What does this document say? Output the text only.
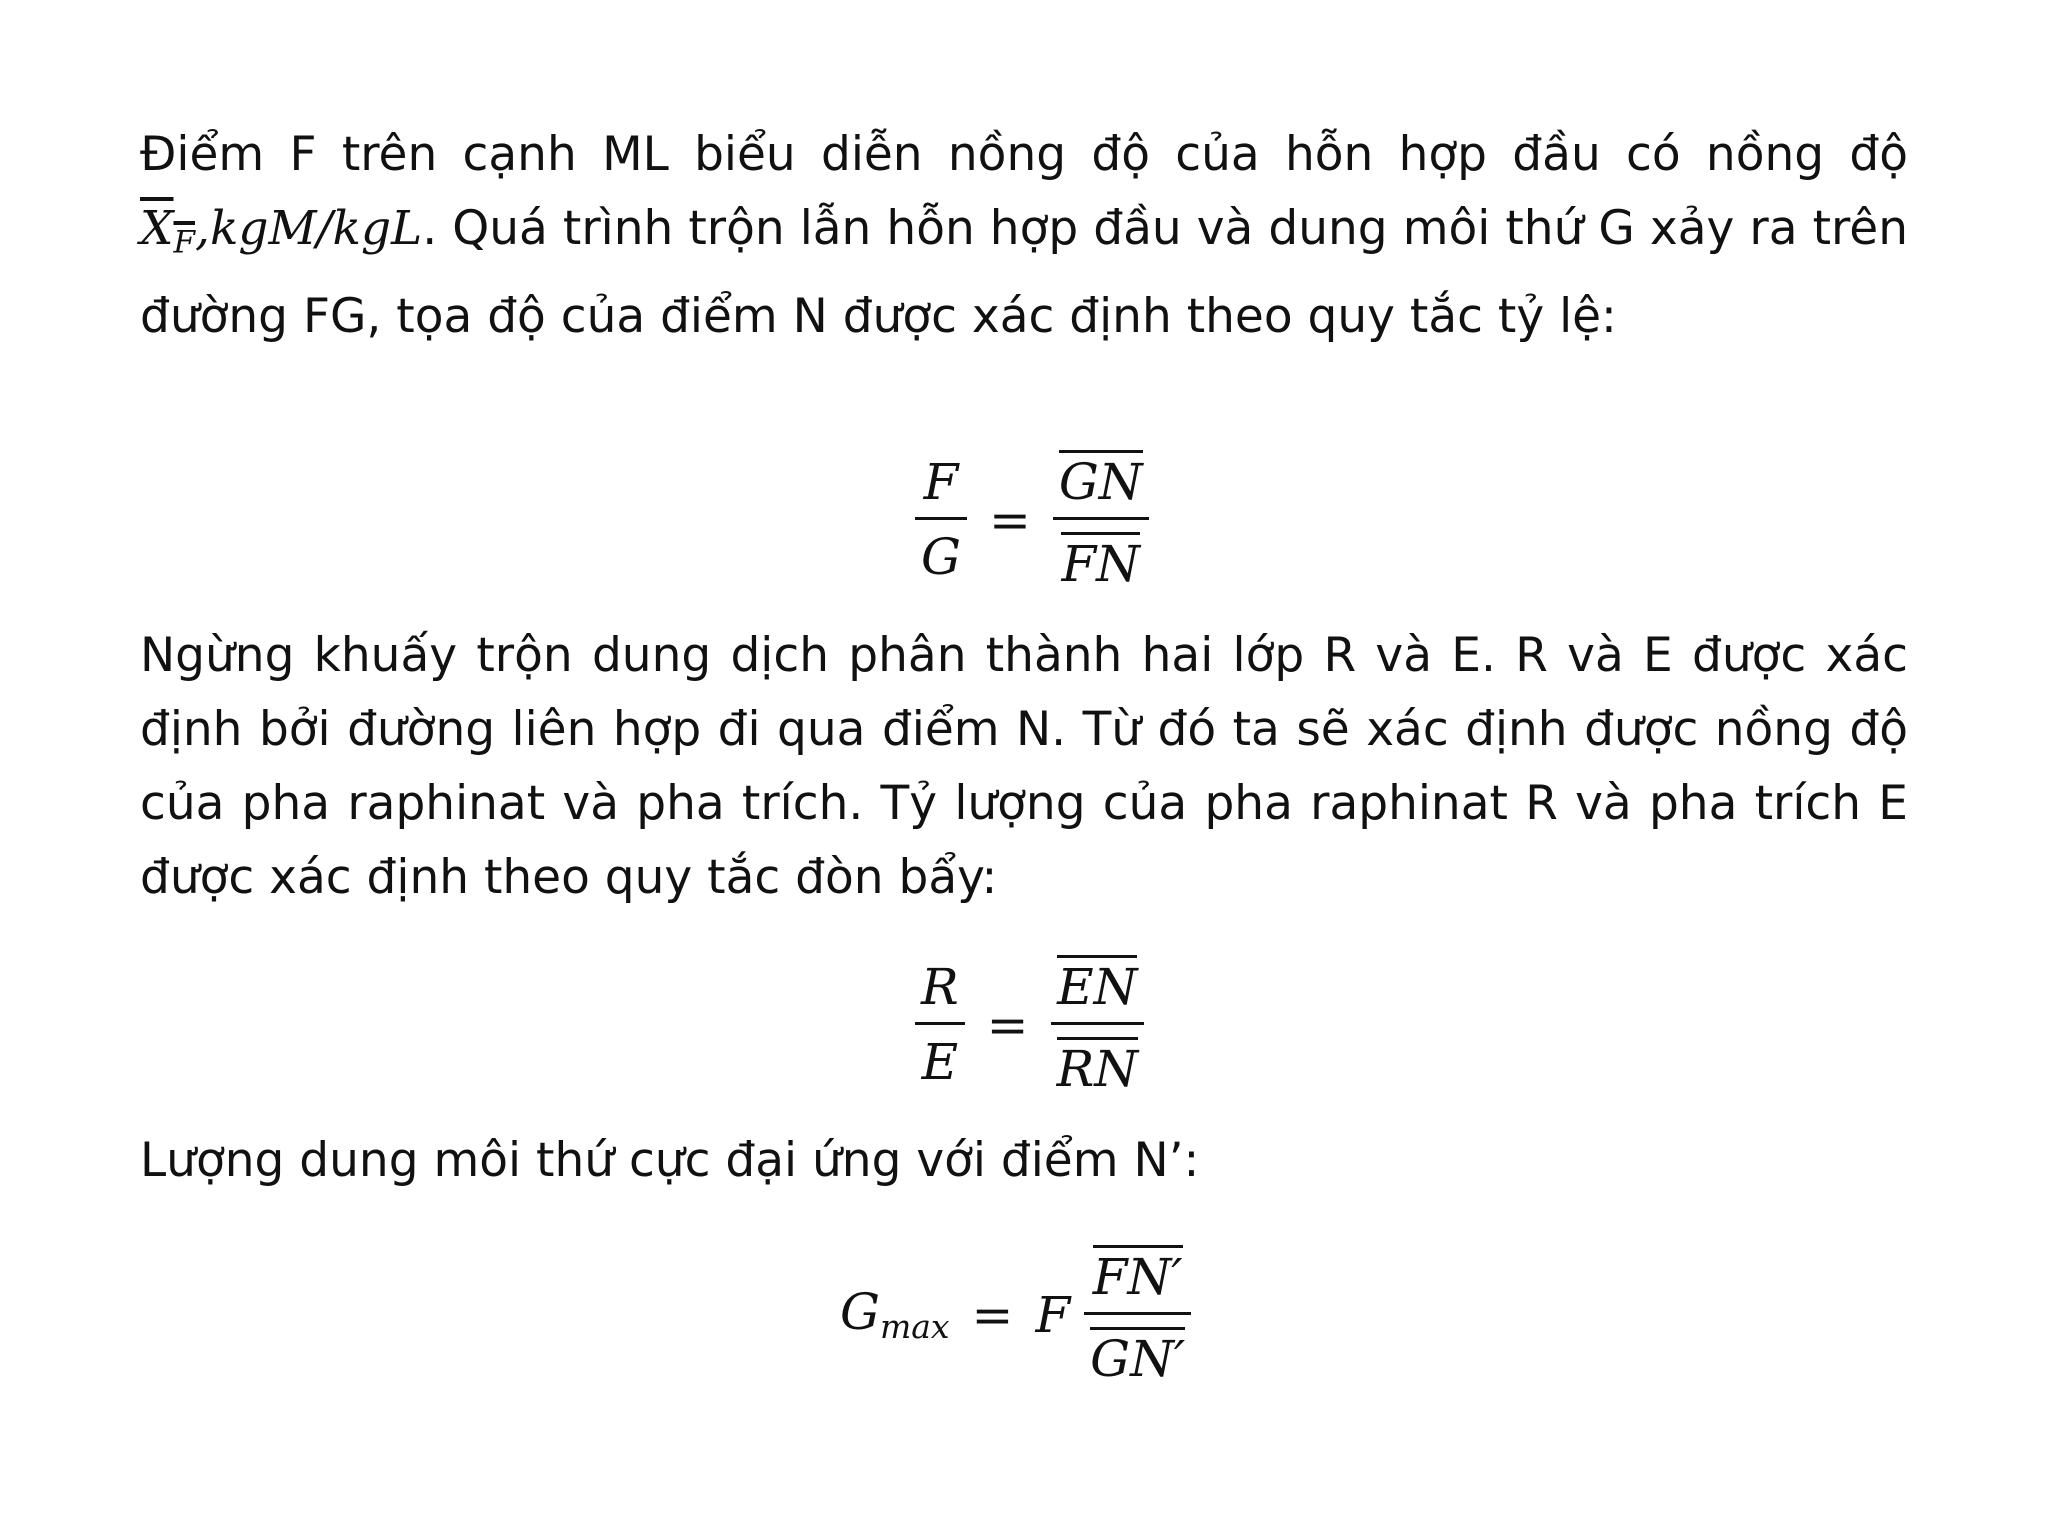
Điểm F trên cạnh ML biểu diễn nồng độ của hỗn hợp đầu có nồng độ $X_F,kgM$/kgL. Quá trình trộn lẫn hỗn hợp đầu và dung môi thứ G xảy ra trên đường FG, tọa độ của điểm N được xác định theo quy tắc tỷ lệ:

$\frac{F}{G} = \frac{GN}{FN}$

Ngừng khuấy trộn dung dịch phân thành hai lớp R và E. R và E được xác định bởi đường liên hợp đi qua điểm N. Từ đó ta sẽ xác định được nồng độ của pha raphinat và pha trích. Tỷ lượng của pha raphinat R và pha trích E được xác định theo quy tắc đòn bẩy:

$\frac{R}{E} = \frac{EN}{RN}$

Lượng dung môi thứ cực đại ứng với điểm N’:

$G_{max} = F \frac{FN'}{GN'}$
